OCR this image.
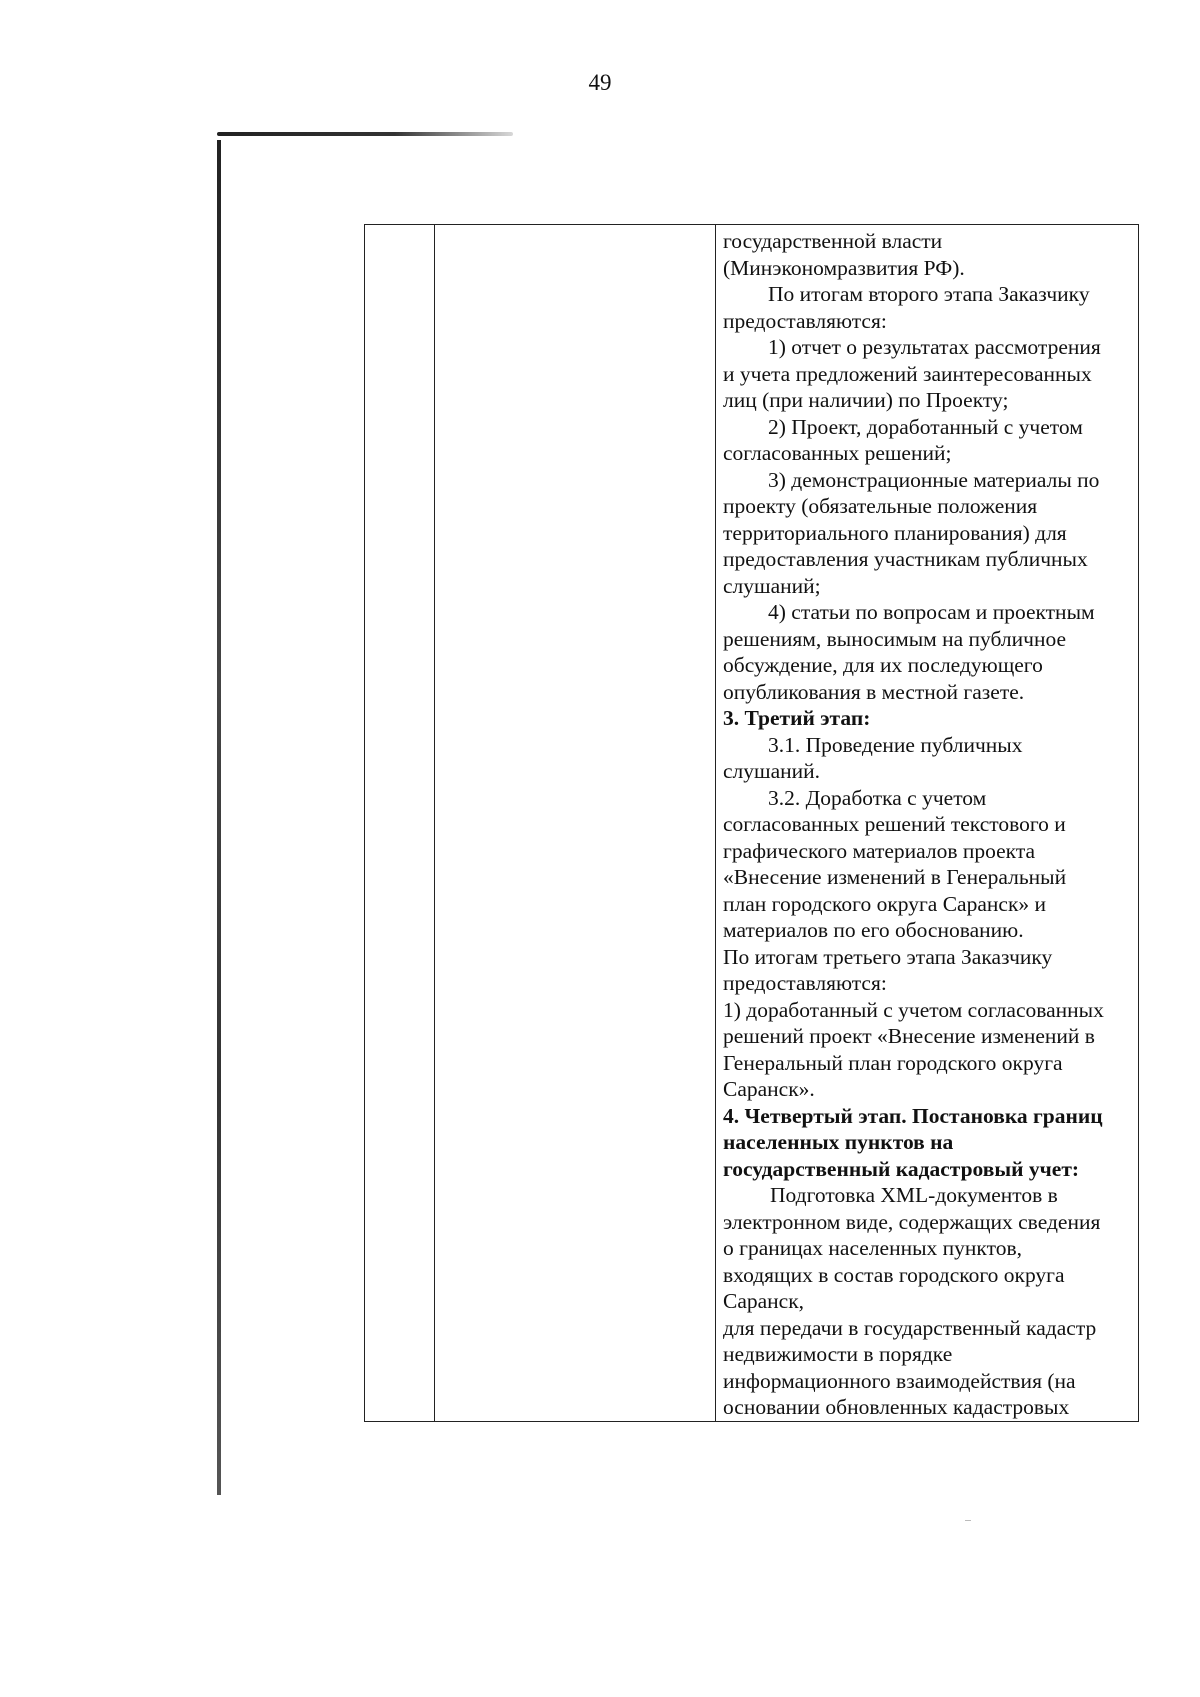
49

государственной власти

(Минэкономразвития РФ).

По итогам второго этапа Заказчику

предоставляются:

1) отчет о результатах рассмотрения

и учета предложений заинтересованных

лиц (при наличии) по Проекту;

2) Проект, доработанный с учетом

согласованных решений;

3) демонстрационные материалы по

проекту (обязательные положения

территориального планирования) для

предоставления участникам публичных

слушаний;

4) статьи по вопросам и проектным

решениям, выносимым на публичное

обсуждение, для их последующего

опубликования в местной газете.

3. Третий этап:

3.1. Проведение публичных

слушаний.

3.2. Доработка с учетом

согласованных решений текстового и

графического материалов проекта

«Внесение изменений в Генеральный

план городского округа Саранск» и

материалов по его обоснованию.

По итогам третьего этапа Заказчику

предоставляются:

1) доработанный с учетом согласованных

решений проект «Внесение изменений в

Генеральный план городского округа

Саранск».

4. Четвертый этап. Постановка границ

населенных пунктов на

государственный кадастровый учет:

Подготовка XML-документов в

электронном виде, содержащих сведения

о границах населенных пунктов,

входящих в состав городского округа

Саранск,

для передачи в государственный кадастр

недвижимости в порядке

информационного взаимодействия (на

основании обновленных кадастровых
